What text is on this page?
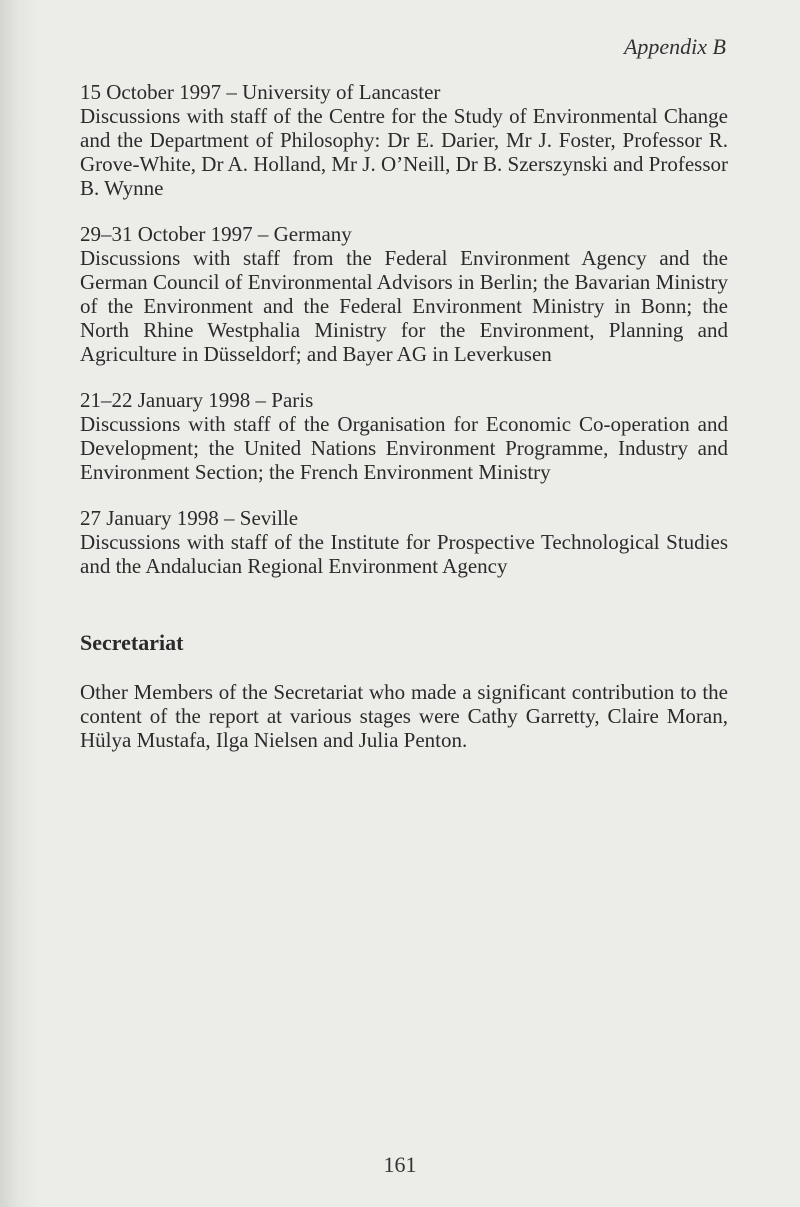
Appendix B

15 October 1997 – University of Lancaster

Discussions with staff of the Centre for the Study of Environmental Change and the Department of Philosophy: Dr E. Darier, Mr J. Foster, Professor R. Grove-White, Dr A. Holland, Mr J. O’Neill, Dr B. Szerszynski and Professor B. Wynne

29–31 October 1997 – Germany

Discussions with staff from the Federal Environment Agency and the German Council of Environmental Advisors in Berlin; the Bavarian Ministry of the Environment and the Federal Environment Ministry in Bonn; the North Rhine Westphalia Ministry for the Environment, Planning and Agriculture in Düsseldorf; and Bayer AG in Leverkusen

21–22 January 1998 – Paris

Discussions with staff of the Organisation for Economic Co-operation and Development; the United Nations Environment Programme, Industry and Environment Section; the French Environment Ministry

27 January 1998 – Seville

Discussions with staff of the Institute for Prospective Technological Studies and the Andalucian Regional Environment Agency

Secretariat

Other Members of the Secretariat who made a significant contribution to the content of the report at various stages were Cathy Garretty, Claire Moran, Hülya Mustafa, Ilga Nielsen and Julia Penton.

161
